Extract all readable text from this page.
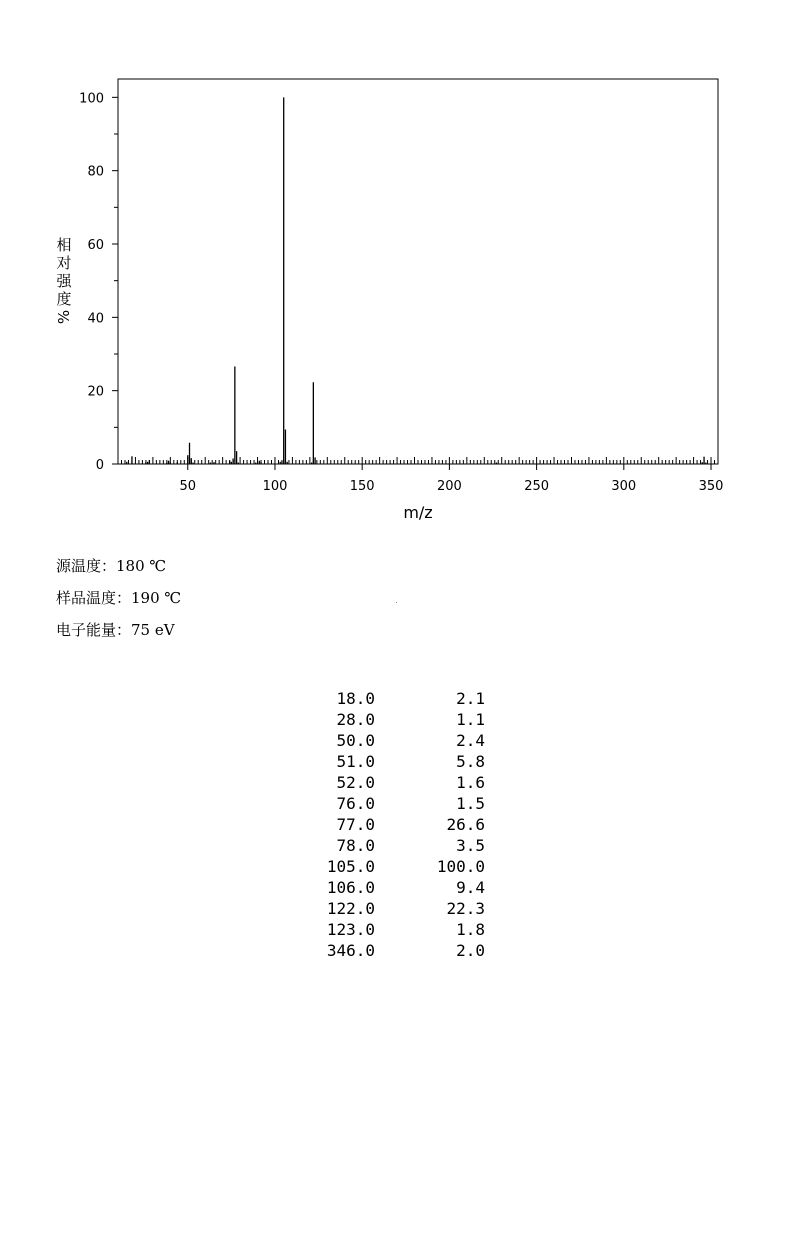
0
20
40
60
80
100
50	100	150	200	250	300	350
m/z
相
对
强
度
%
源温度：180 ℃
样品温度：190 ℃
电子能量：75 eV
18.0	2.1
28.0	1.1
50.0	2.4
51.0	5.8
52.0	1.6
76.0	1.5
77.0	26.6
78.0	3.5
105.0	100.0
106.0	9.4
122.0	22.3
123.0	1.8
346.0	2.0
